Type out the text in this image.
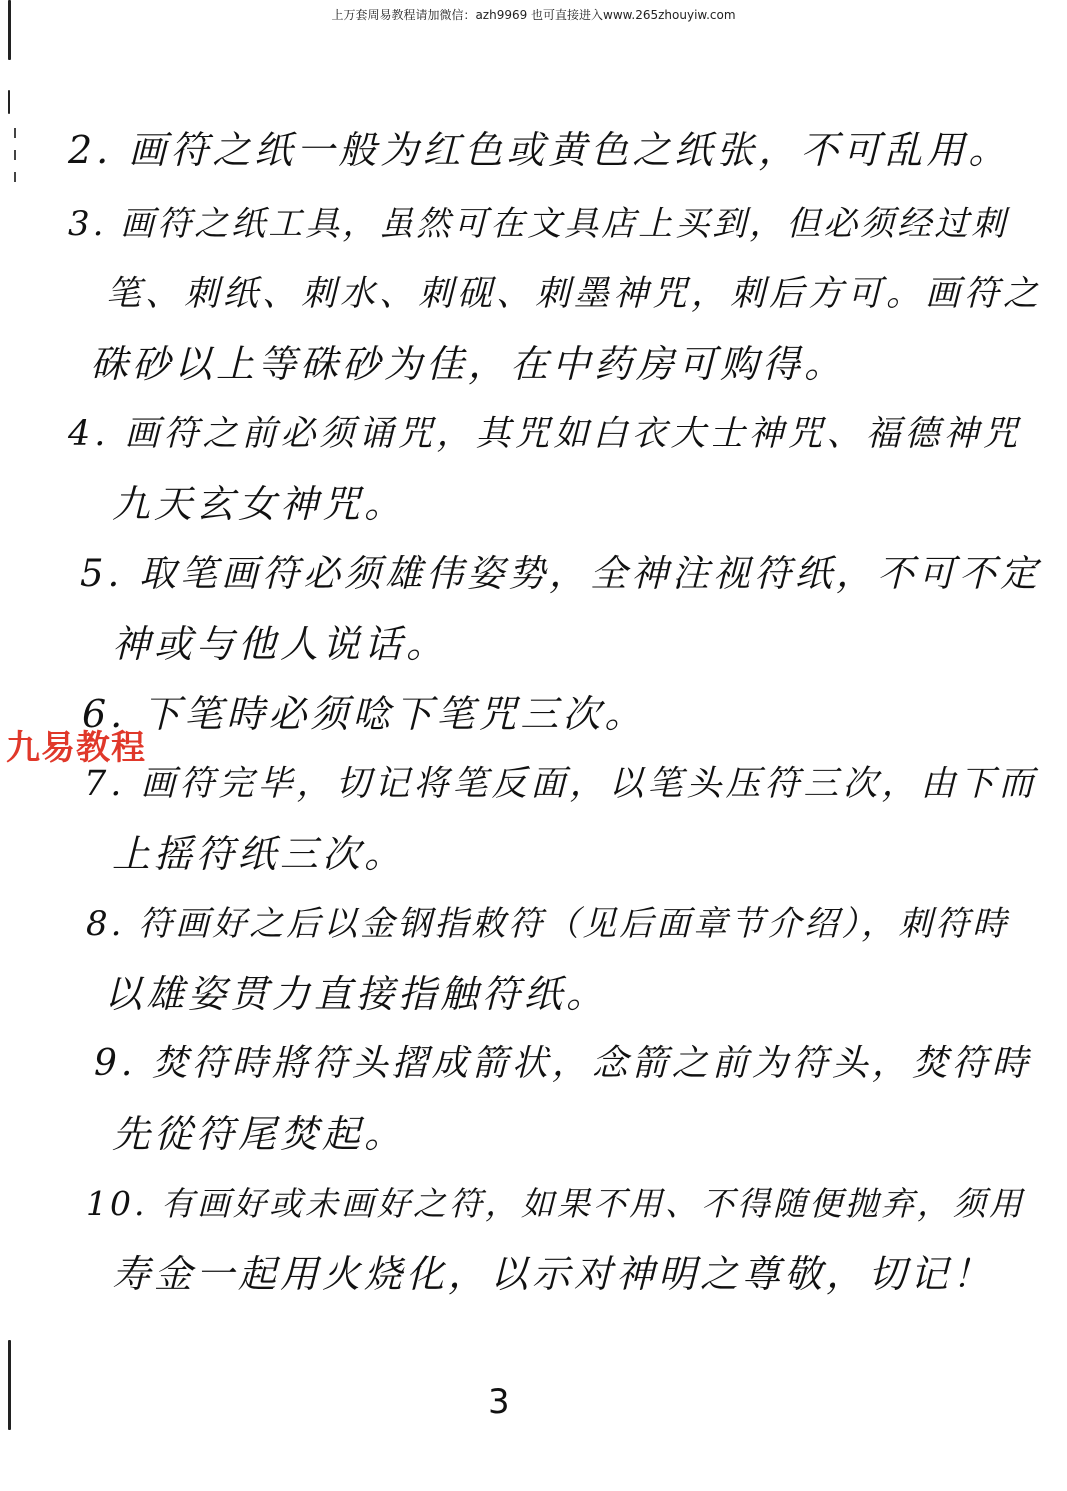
上万套周易教程请加微信：azh9969 也可直接进入www.265zhouyiw.com
2. 画符之纸一般为红色或黄色之纸张，不可乱用。
3. 画符之纸工具，虽然可在文具店上买到，但必须经过刺
笔、刺纸、刺水、刺砚、刺墨神咒，刺后方可。画符之
硃砂以上等硃砂为佳，在中药房可购得。
4. 画符之前必须诵咒，其咒如白衣大士神咒、福德神咒
九天玄女神咒。
5. 取笔画符必须雄伟姿势，全神注视符纸，不可不定
神或与他人说话。
6. 下笔時必须唸下笔咒三次。
7. 画符完毕，切记将笔反面，以笔头压符三次，由下而
上摇符纸三次。
8. 符画好之后以金钢指敕符（见后面章节介绍），刺符時
以雄姿贯力直接指触符纸。
9. 焚符時將符头摺成箭状，念箭之前为符头，焚符時
先從符尾焚起。
10. 有画好或未画好之符，如果不用、不得随便抛弃，须用
寿金一起用火烧化，以示对神明之尊敬，切记！
九易教程
3
